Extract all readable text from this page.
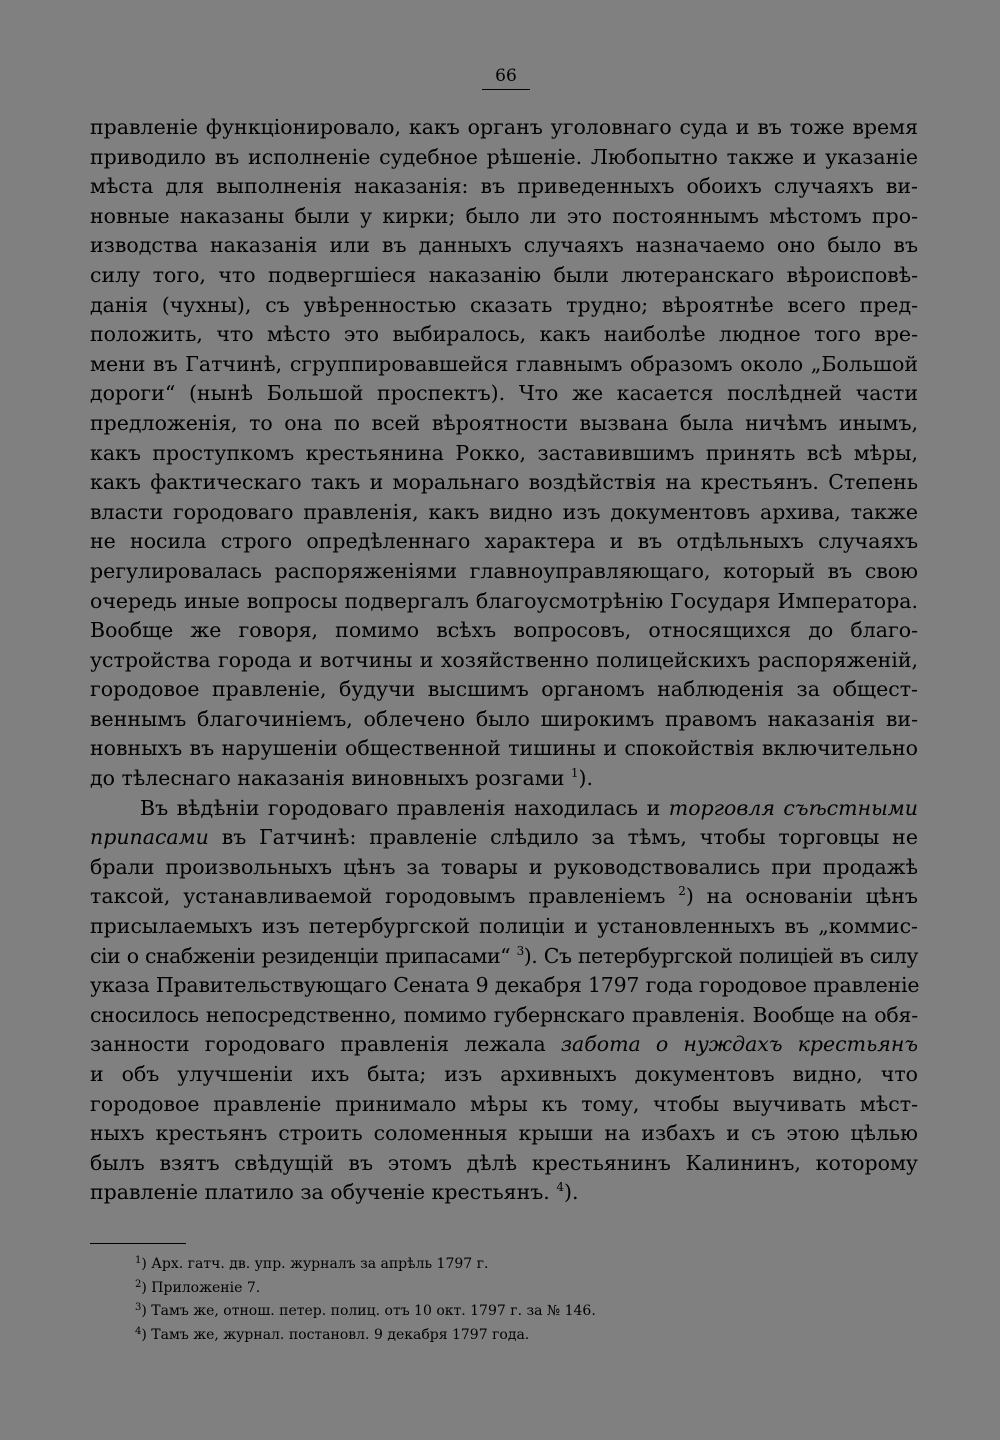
66
правленіе функціонировало, какъ органъ уголовнаго суда и въ тоже время
приводило въ исполненіе судебное рѣшеніе. Любопытно также и указаніе
мѣста для выполненія наказанія: въ приведенныхъ обоихъ случаяхъ ви-
новные наказаны были у кирки; было ли это постояннымъ мѣстомъ про-
изводства наказанія или въ данныхъ случаяхъ назначаемо оно было въ
силу того, что подвергшіеся наказанію были лютеранскаго вѣроисповѣ-
данія (чухны), съ увѣренностью сказать трудно; вѣроятнѣе всего пред-
положить, что мѣсто это выбиралось, какъ наиболѣе людное того вре-
мени въ Гатчинѣ, сгруппировавшейся главнымъ образомъ около „Большой
дороги“ (нынѣ Большой проспектъ). Что же касается послѣдней части
предложенія, то она по всей вѣроятности вызвана была ничѣмъ инымъ,
какъ проступкомъ крестьянина Рокко, заставившимъ принять всѣ мѣры,
какъ фактическаго такъ и моральнаго воздѣйствія на крестьянъ. Степень
власти городоваго правленія, какъ видно изъ документовъ архива, также
не носила строго опредѣленнаго характера и въ отдѣльныхъ случаяхъ
регулировалась распоряженіями главноуправляющаго, который въ свою
очередь иные вопросы подвергалъ благоусмотрѣнію Государя Императора.
Вообще же говоря, помимо всѣхъ вопросовъ, относящихся до благо-
устройства города и вотчины и хозяйственно полицейскихъ распоряженій,
городовое правленіе, будучи высшимъ органомъ наблюденія за общест-
веннымъ благочиніемъ, облечено было широкимъ правомъ наказанія ви-
новныхъ въ нарушеніи общественной тишины и спокойствія включительно
до тѣлеснаго наказанія виновныхъ розгами $^1$).
Въ вѣдѣніи городоваго правленія находилась и торговля съѣстными
припасами въ Гатчинѣ: правленіе слѣдило за тѣмъ, чтобы торговцы не
брали произвольныхъ цѣнъ за товары и руководствовались при продажѣ
таксой, устанавливаемой городовымъ правленіемъ $^2$) на основаніи цѣнъ
присылаемыхъ изъ петербургской полиціи и установленныхъ въ „коммис-
сіи о снабженіи резиденціи припасами“ $^3$). Съ петербургской полиціей въ силу
указа Правительствующаго Сената 9 декабря 1797 года городовое правленіе
сносилось непосредственно, помимо губернскаго правленія. Вообще на обя-
занности городоваго правленія лежала забота о нуждахъ крестьянъ
и объ улучшеніи ихъ быта; изъ архивныхъ документовъ видно, что
городовое правленіе принимало мѣры къ тому, чтобы выучивать мѣст-
ныхъ крестьянъ строить соломенныя крыши на избахъ и съ этою цѣлью
былъ взятъ свѣдущій въ этомъ дѣлѣ крестьянинъ Калининъ, которому
правленіе платило за обученіе крестьянъ. $^4$).
$^1$) Арх. гатч. дв. упр. журналъ за апрѣль 1797 г.
$^2$) Приложеніе 7.
$^3$) Тамъ же, отнош. петер. полиц. отъ 10 окт. 1797 г. за № 146.
$^4$) Тамъ же, журнал. постановл. 9 декабря 1797 года.
